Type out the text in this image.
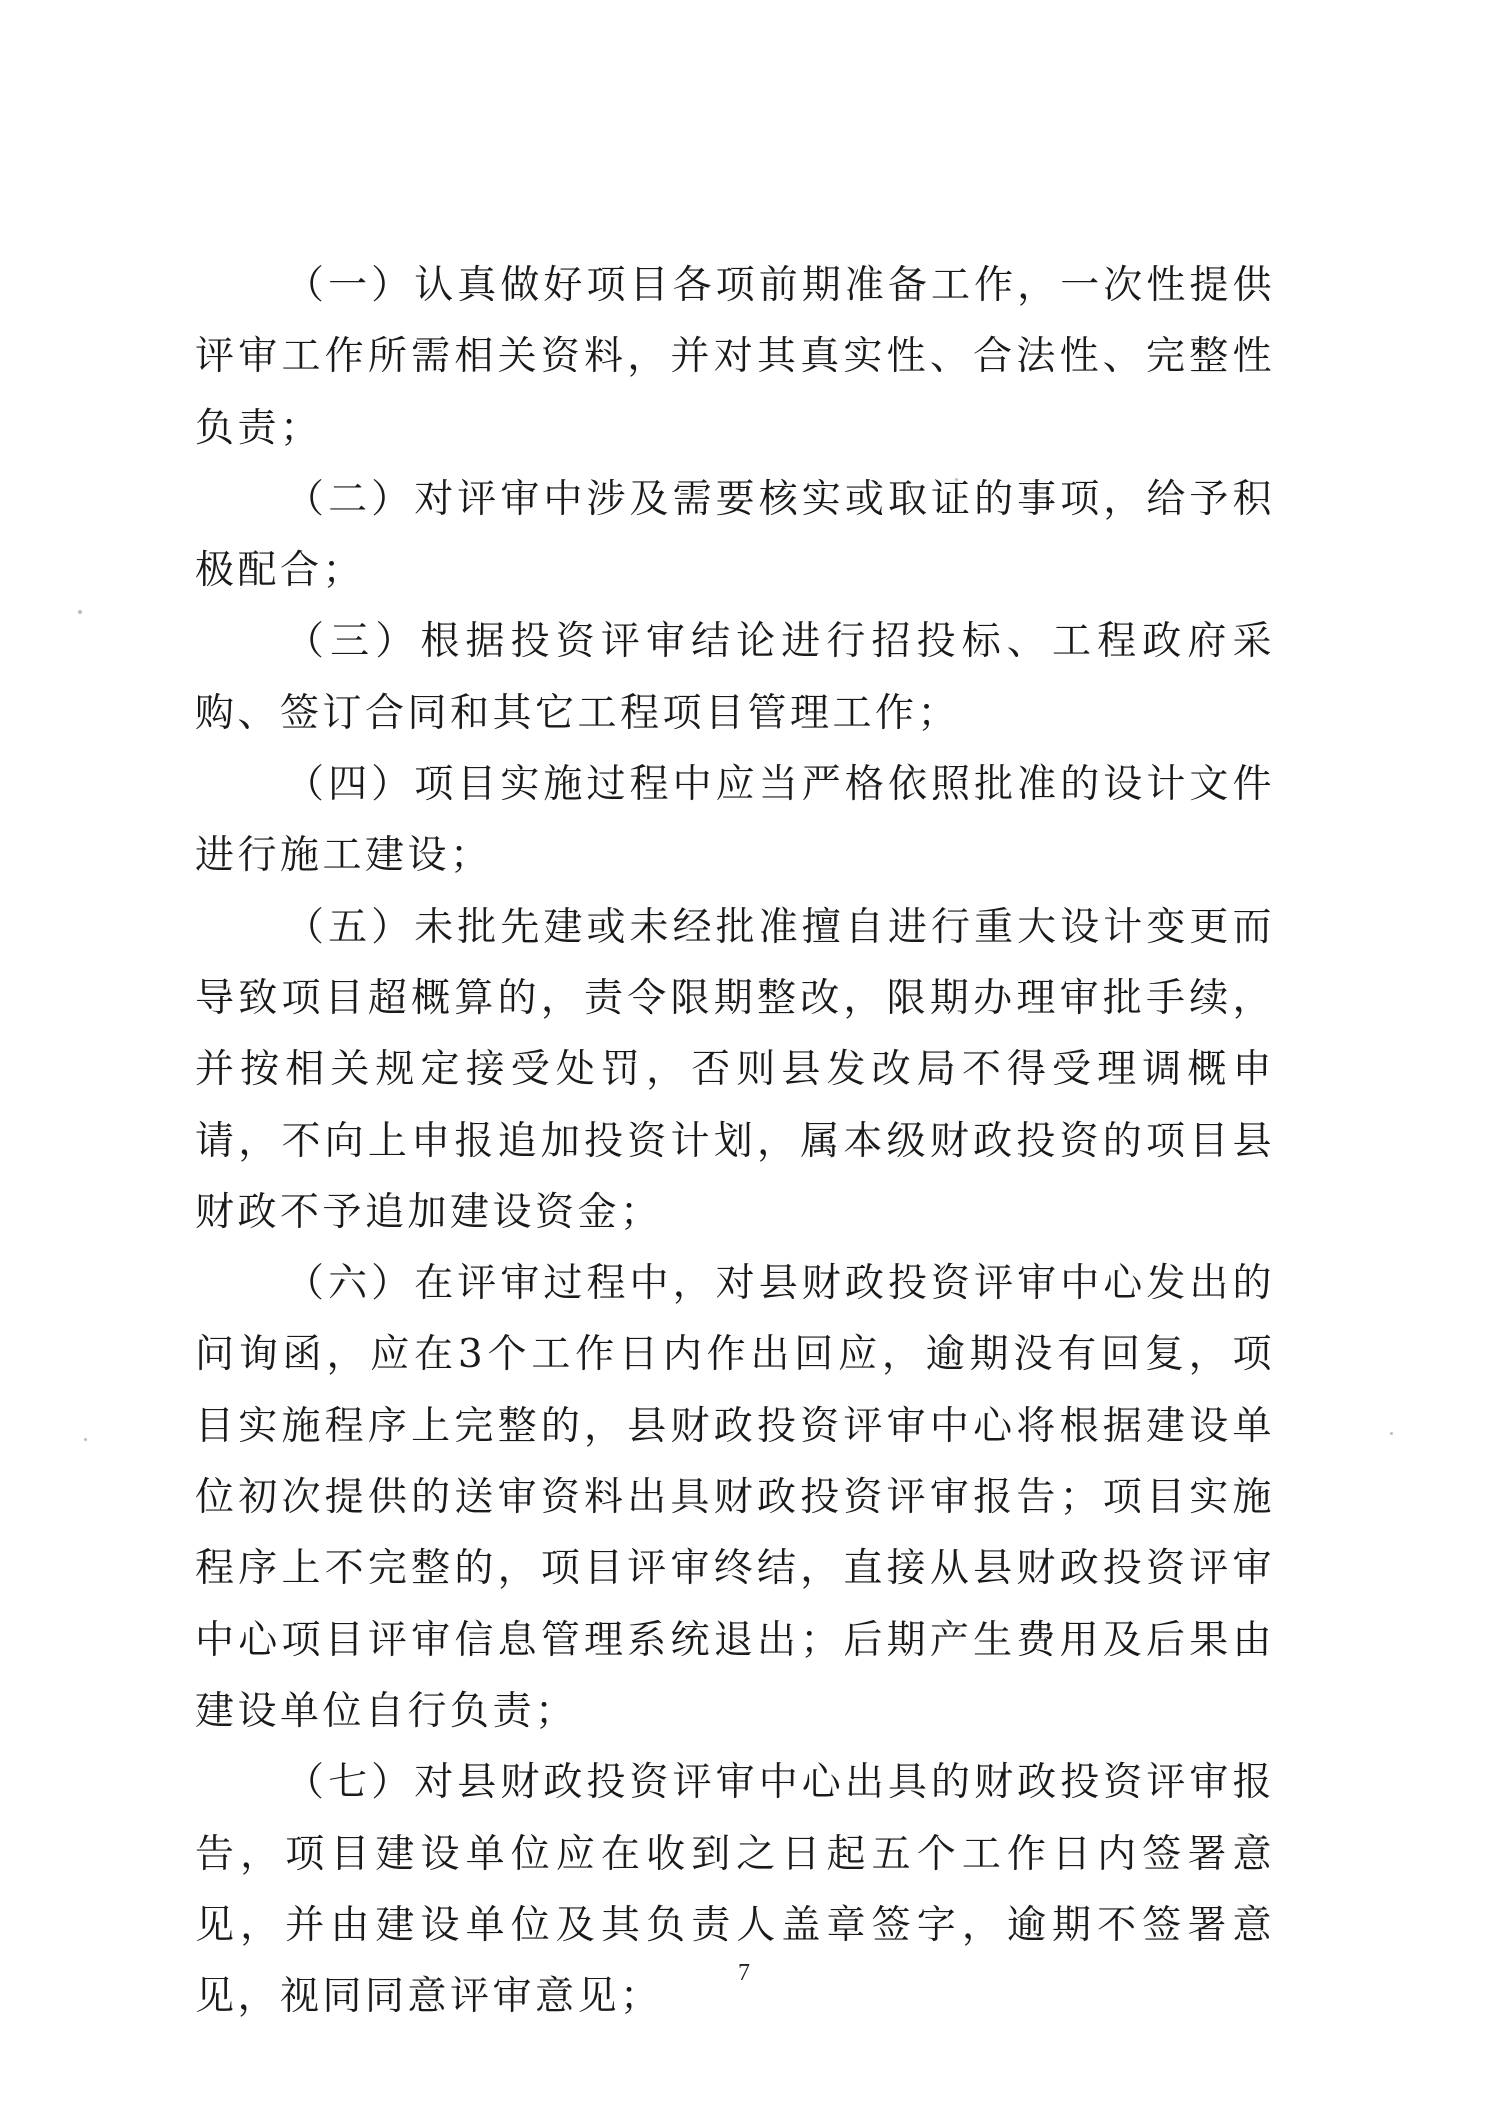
（一）认真做好项目各项前期准备工作，一次性提供评审工作所需相关资料，并对其真实性、合法性、完整性负责；

（二）对评审中涉及需要核实或取证的事项，给予积极配合；

（三）根据投资评审结论进行招投标、工程政府采购、签订合同和其它工程项目管理工作；

（四）项目实施过程中应当严格依照批准的设计文件进行施工建设；

（五）未批先建或未经批准擅自进行重大设计变更而导致项目超概算的，责令限期整改，限期办理审批手续，并按相关规定接受处罚，否则县发改局不得受理调概申请，不向上申报追加投资计划，属本级财政投资的项目县财政不予追加建设资金；

（六）在评审过程中，对县财政投资评审中心发出的问询函，应在3个工作日内作出回应，逾期没有回复，项目实施程序上完整的，县财政投资评审中心将根据建设单位初次提供的送审资料出具财政投资评审报告；项目实施程序上不完整的，项目评审终结，直接从县财政投资评审中心项目评审信息管理系统退出；后期产生费用及后果由建设单位自行负责；

（七）对县财政投资评审中心出具的财政投资评审报告，项目建设单位应在收到之日起五个工作日内签署意见，并由建设单位及其负责人盖章签字，逾期不签署意见，视同同意评审意见；

7
